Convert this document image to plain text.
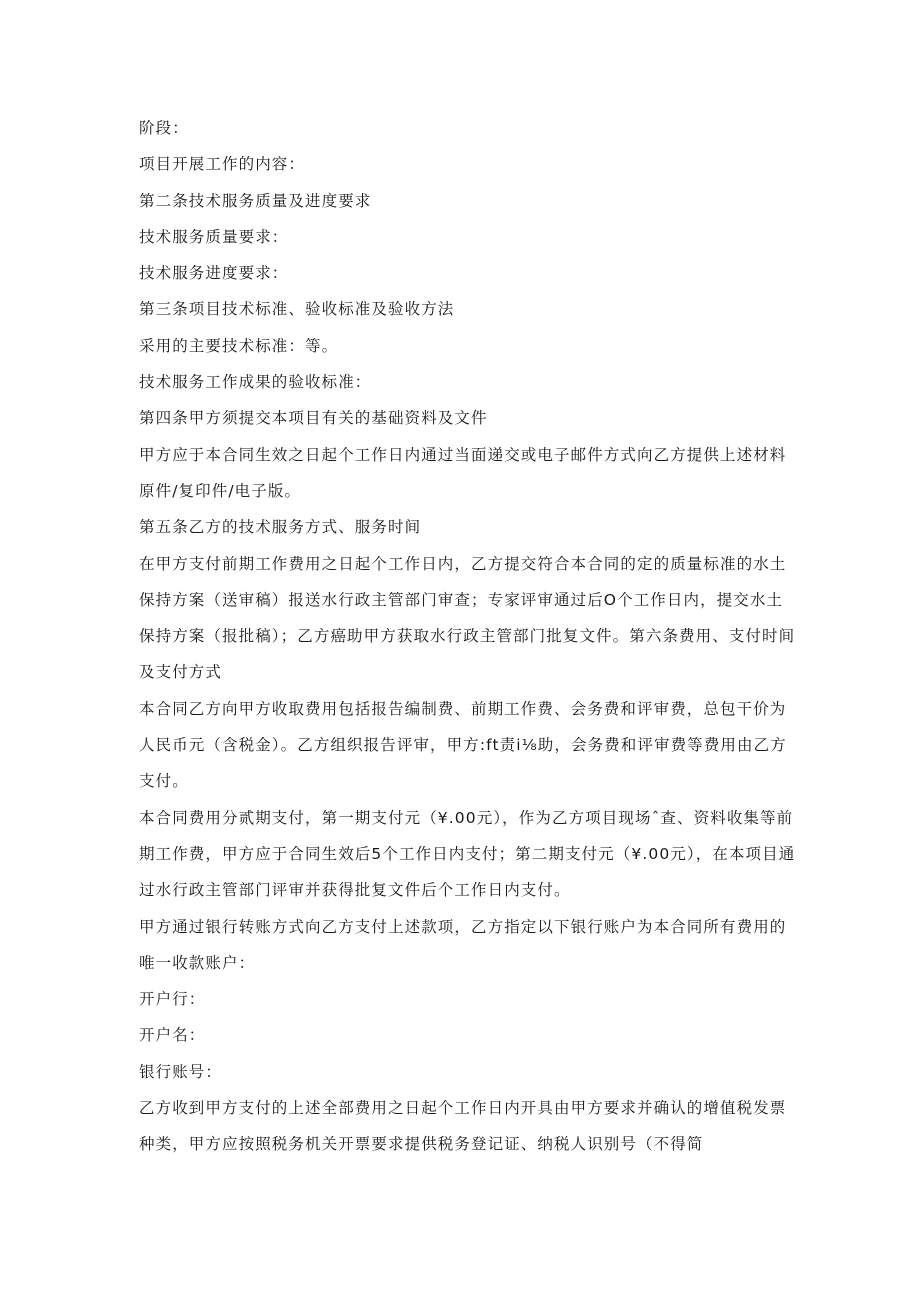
阶段：

项目开展工作的内容：

第二条技术服务质量及进度要求

技术服务质量要求：

技术服务进度要求：

第三条项目技术标准、验收标准及验收方法

采用的主要技术标准：等。

技术服务工作成果的验收标准：

第四条甲方须提交本项目有关的基础资料及文件

甲方应于本合同生效之日起个工作日内通过当面递交或电子邮件方式向乙方提供上述材料原件/复印件/电子版。

第五条乙方的技术服务方式、服务时间

在甲方支付前期工作费用之日起个工作日内，乙方提交符合本合同的定的质量标准的水土保持方案（送审稿）报送水行政主管部门审查；专家评审通过后O个工作日内，提交水土保持方案（报批稿）；乙方癌助甲方获取水行政主管部门批复文件。第六条费用、支付时间及支付方式

本合同乙方向甲方收取费用包括报告编制费、前期工作费、会务费和评审费，总包干价为人民币元（含税金）。乙方组织报告评审，甲方:ft责i⅛助，会务费和评审费等费用由乙方支付。

本合同费用分贰期支付，第一期支付元（¥.00元），作为乙方项目现场ˆ查、资料收集等前期工作费，甲方应于合同生效后5个工作日内支付；第二期支付元（¥.00元），在本项目通过水行政主管部门评审并获得批复文件后个工作日内支付。

甲方通过银行转账方式向乙方支付上述款项，乙方指定以下银行账户为本合同所有费用的唯一收款账户：

开户行：

开户名：

银行账号：

乙方收到甲方支付的上述全部费用之日起个工作日内开具由甲方要求并确认的增值税发票种类，甲方应按照税务机关开票要求提供税务登记证、纳税人识别号（不得简
